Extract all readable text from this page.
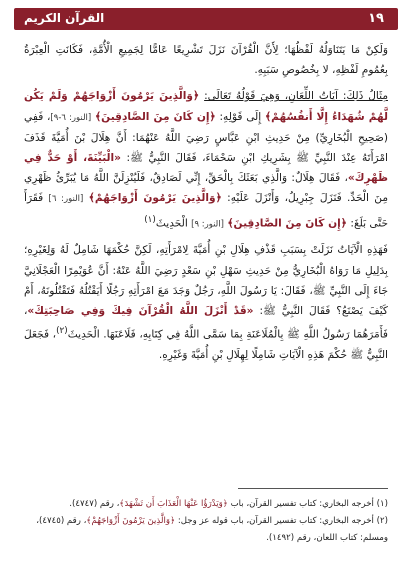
القرآن الكريم	١٩

وَلَكِنْ مَا يَتَنَاوَلُهُ لَفْظُهَا؛ لِأَنَّ الْقُرْآنَ نَزَلَ تَشْرِيعًا عَامًّا لِجَمِيعِ الْأُمَّةِ، فَكَانَتِ الْعِبْرَةُ بِعُمُومِ لَفْظِهِ، لا بِخُصُوصِ سَبَبِهِ.

مِثَالُ ذَلِكَ: آيَاتُ اللِّعَانِ، وَهِيَ قَوْلُهُ تَعَالَى: ﴿وَالَّذِينَ يَرْمُونَ أَزْوَاجَهُمْ وَلَمْ يَكُن لَّهُمْ شُهَدَاءُ إِلَّا أَنفُسُهُمْ﴾ إِلَى قَوْلِهِ: ﴿إِن كَانَ مِنَ الصَّادِقِينَ﴾ [النور: ٦-٩]، فَفِي (صَحِيحِ الْبُخَارِيِّ) مِنْ حَدِيثِ ابْنِ عَبَّاسٍ رَضِيَ اللَّهُ عَنْهُمَا: أَنَّ هِلَالَ بْنَ أُمَيَّةَ قَذَفَ امْرَأَتَهُ عِنْدَ النَّبِيِّ ﷺ بِشَرِيكِ ابْنِ سَحْمَاءَ، فَقَالَ النَّبِيُّ ﷺ: «الْبَيِّنَةَ، أَوْ حَدٌّ فِي ظَهْرِكَ»، فَقَالَ هِلَالٌ: وَالَّذِي بَعَثَكَ بِالْحَقِّ، إِنِّي لَصَادِقٌ، فَلَيُنْزِلَنَّ اللَّهُ مَا يُبَرِّئُ ظَهْرِي مِنَ الْحَدِّ. فَنَزَلَ جِبْرِيلُ، وَأَنْزَلَ عَلَيْهِ: ﴿وَالَّذِينَ يَرْمُونَ أَزْوَاجَهُمْ﴾ [النور: ٦] فَقَرَأَ حَتَّى بَلَغَ: ﴿إِن كَانَ مِنَ الصَّادِقِينَ﴾ [النور: ٩] الْحَدِيثَ$^{(١)}$

فَهَذِهِ الْآيَاتُ نَزَلَتْ بِسَبَبِ قَذْفِ هِلَالِ بْنِ أُمَيَّةَ لِامْرَأَتِهِ، لَكِنَّ حُكْمَهَا شَامِلٌ لَهُ وَلِغَيْرِهِ؛ بِدَلِيلِ مَا رَوَاهُ الْبُخَارِيُّ مِنْ حَدِيثِ سَهْلِ بْنِ سَعْدٍ رَضِيَ اللَّهُ عَنْهُ: أَنَّ عُوَيْمِرًا الْعَجْلَانِيَّ جَاءَ إِلَى النَّبِيِّ ﷺ، فَقَالَ: يَا رَسُولَ اللَّهِ، رَجُلٌ وَجَدَ مَعَ امْرَأَتِهِ رَجُلًا أَيَقْتُلُهُ فَتَقْتُلُونَهُ، أَمْ كَيْفَ يَصْنَعُ؟ فَقَالَ النَّبِيُّ ﷺ: «قَدْ أَنْزَلَ اللَّهُ الْقُرْآنَ فِيكَ وَفِي صَاحِبَتِكَ»، فَأَمَرَهُمَا رَسُولُ اللَّهِ ﷺ بِالْمُلَاعَنَةِ بِمَا سَمَّى اللَّهُ فِي كِتَابِهِ، فَلَاعَنَهَا. الْحَدِيثَ$^{(٢)}$، فَجَعَلَ النَّبِيُّ ﷺ حُكْمَ هَذِهِ الْآيَاتِ شَامِلًا لِهِلَالِ بْنِ أُمَيَّةَ وَغَيْرِهِ.

(١) أخرجه البخاري: كتاب تفسير القرآن، باب ﴿وَيَدْرَؤُا عَنْهَا الْعَذَابَ أَن تَشْهَدَ﴾، رقم (٤٧٤٧).

(٢) أخرجه البخاري: كتاب تفسير القرآن، باب قوله عز وجل: ﴿وَالَّذِينَ يَرْمُونَ أَزْوَاجَهُمْ﴾، رقم (٤٧٤٥)،

ومسلم: كتاب اللعان، رقم (١٤٩٢).
